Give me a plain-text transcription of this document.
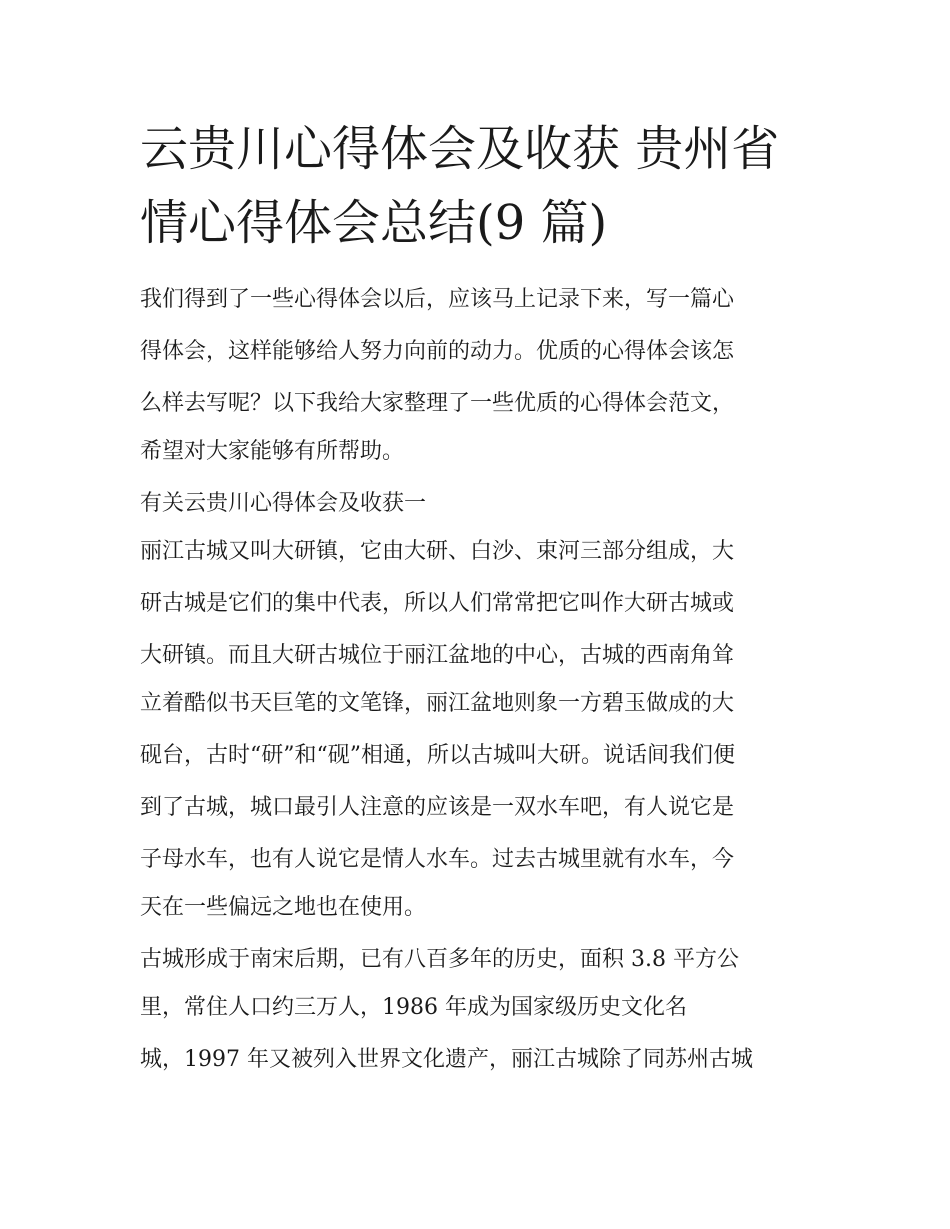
云贵川心得体会及收获 贵州省
情心得体会总结(9 篇)

我们得到了一些心得体会以后，应该马上记录下来，写一篇心

得体会，这样能够给人努力向前的动力。优质的心得体会该怎

么样去写呢？以下我给大家整理了一些优质的心得体会范文，

希望对大家能够有所帮助。

有关云贵川心得体会及收获一

丽江古城又叫大研镇，它由大研、白沙、束河三部分组成，大

研古城是它们的集中代表，所以人们常常把它叫作大研古城或

大研镇。而且大研古城位于丽江盆地的中心，古城的西南角耸

立着酷似书天巨笔的文笔锋，丽江盆地则象一方碧玉做成的大

砚台，古时“研”和“砚”相通，所以古城叫大研。说话间我们便

到了古城，城口最引人注意的应该是一双水车吧，有人说它是

子母水车，也有人说它是情人水车。过去古城里就有水车，今

天在一些偏远之地也在使用。

古城形成于南宋后期，已有八百多年的历史，面积 3.8 平方公

里，常住人口约三万人，1986 年成为国家级历史文化名

城，1997 年又被列入世界文化遗产，丽江古城除了同苏州古城
